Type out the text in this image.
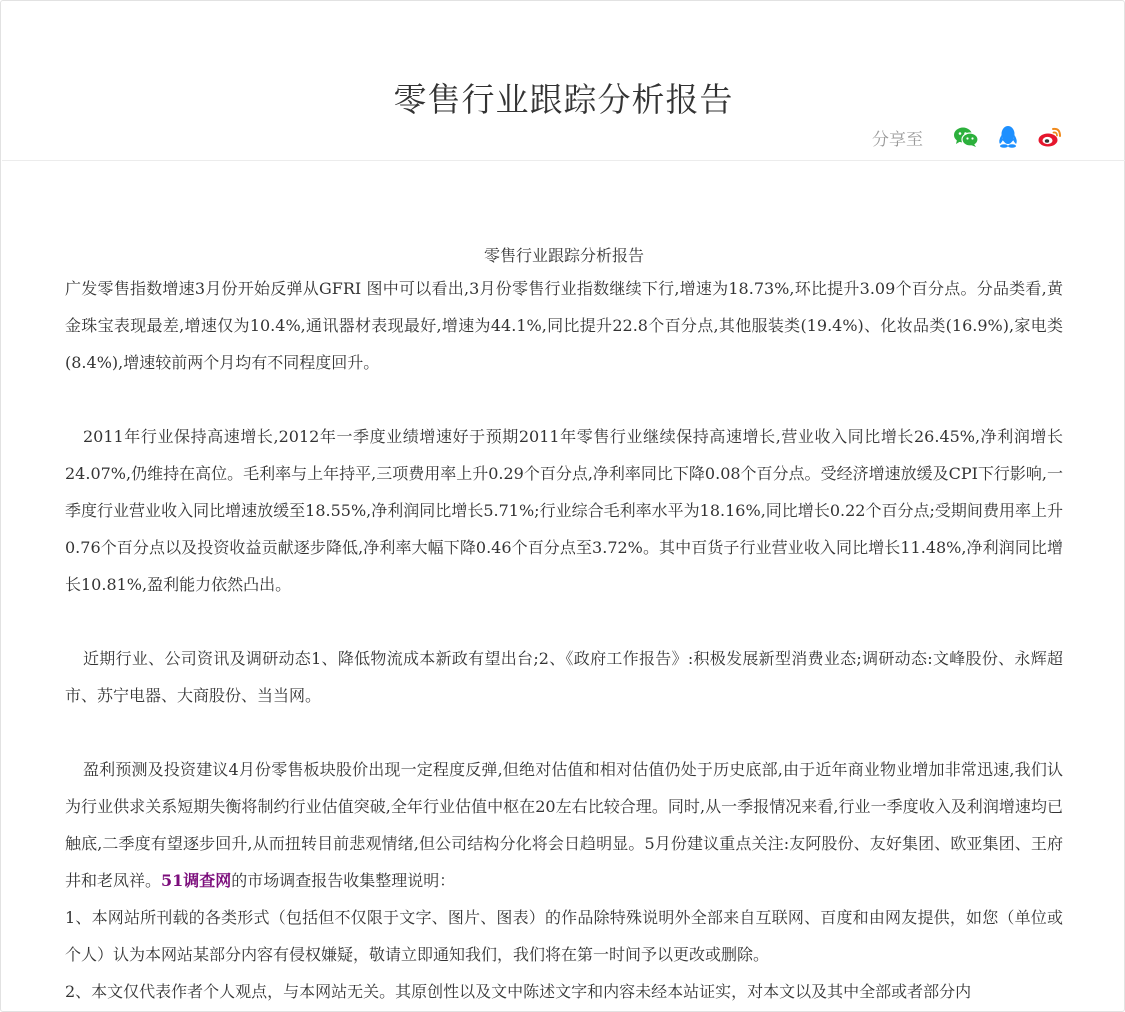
零售行业跟踪分析报告
分享至
零售行业跟踪分析报告

广发零售指数增速3月份开始反弹从GFRI 图中可以看出,3月份零售行业指数继续下行,增速为18.73%,环比提升3.09个百分点。分品类看,黄金珠宝表现最差,增速仅为10.4%,通讯器材表现最好,增速为44.1%,同比提升22.8个百分点,其他服装类(19.4%)、化妆品类(16.9%),家电类(8.4%),增速较前两个月均有不同程度回升。

2011年行业保持高速增长,2012年一季度业绩增速好于预期2011年零售行业继续保持高速增长,营业收入同比增长26.45%,净利润增长24.07%,仍维持在高位。毛利率与上年持平,三项费用率上升0.29个百分点,净利率同比下降0.08个百分点。受经济增速放缓及CPI下行影响,一季度行业营业收入同比增速放缓至18.55%,净利润同比增长5.71%;行业综合毛利率水平为18.16%,同比增长0.22个百分点;受期间费用率上升0.76个百分点以及投资收益贡献逐步降低,净利率大幅下降0.46个百分点至3.72%。其中百货子行业营业收入同比增长11.48%,净利润同比增长10.81%,盈利能力依然凸出。

近期行业、公司资讯及调研动态1、降低物流成本新政有望出台;2、《政府工作报告》:积极发展新型消费业态;调研动态:文峰股份、永辉超市、苏宁电器、大商股份、当当网。

盈利预测及投资建议4月份零售板块股价出现一定程度反弹,但绝对估值和相对估值仍处于历史底部,由于近年商业物业增加非常迅速,我们认为行业供求关系短期失衡将制约行业估值突破,全年行业估值中枢在20左右比较合理。同时,从一季报情况来看,行业一季度收入及利润增速均已触底,二季度有望逐步回升,从而扭转目前悲观情绪,但公司结构分化将会日趋明显。5月份建议重点关注:友阿股份、友好集团、欧亚集团、王府井和老凤祥。51调查网的市场调查报告收集整理说明：

1、本网站所刊载的各类形式（包括但不仅限于文字、图片、图表）的作品除特殊说明外全部来自互联网、百度和由网友提供，如您（单位或个人）认为本网站某部分内容有侵权嫌疑，敬请立即通知我们，我们将在第一时间予以更改或删除。

2、本文仅代表作者个人观点，与本网站无关。其原创性以及文中陈述文字和内容未经本站证实，对本文以及其中全部或者部分内
